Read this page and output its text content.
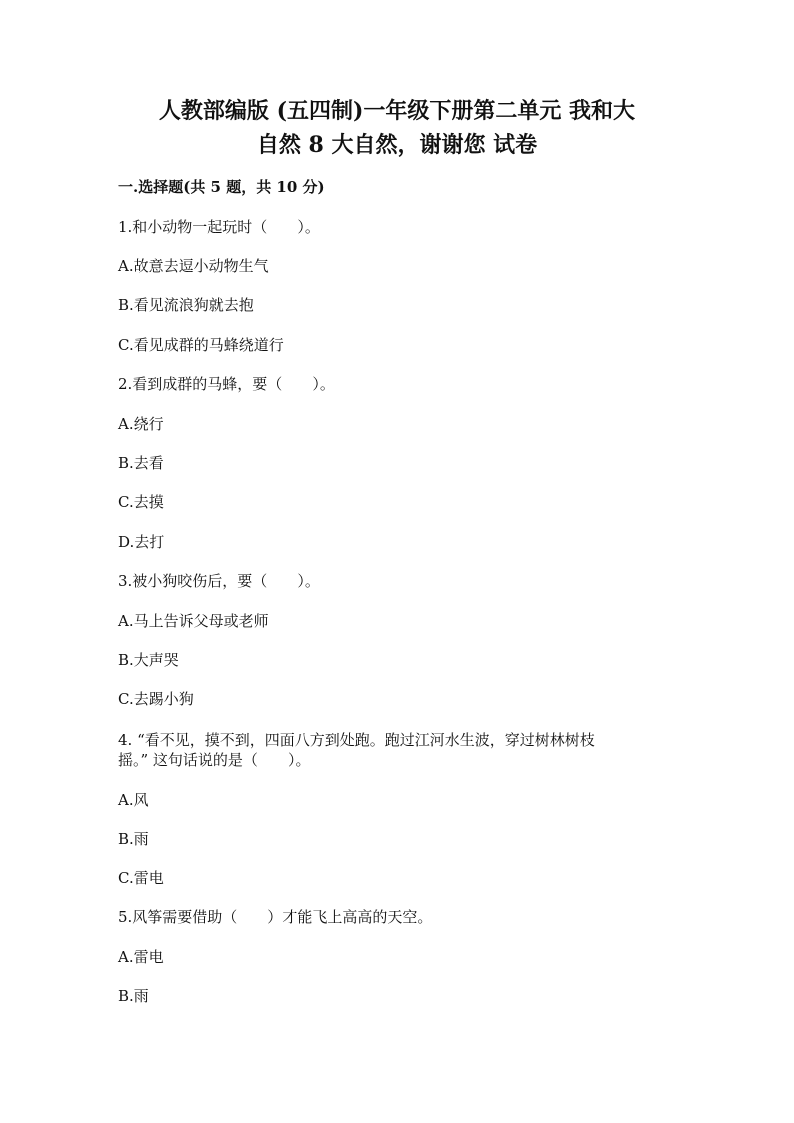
人教部编版 (五四制)一年级下册第二单元 我和大
自然 8 大自然，谢谢您 试卷

一.选择题(共 5 题，共 10 分)

1.和小动物一起玩时（　　）。

A.故意去逗小动物生气

B.看见流浪狗就去抱

C.看见成群的马蜂绕道行

2.看到成群的马蜂，要（　　）。

A.绕行

B.去看

C.去摸

D.去打

3.被小狗咬伤后，要（　　）。

A.马上告诉父母或老师

B.大声哭

C.去踢小狗

4. “看不见，摸不到，四面八方到处跑。跑过江河水生波，穿过树林树枝

摇。” 这句话说的是（　　）。

A.风

B.雨

C.雷电

5.风筝需要借助（　　）才能飞上高高的天空。

A.雷电

B.雨
